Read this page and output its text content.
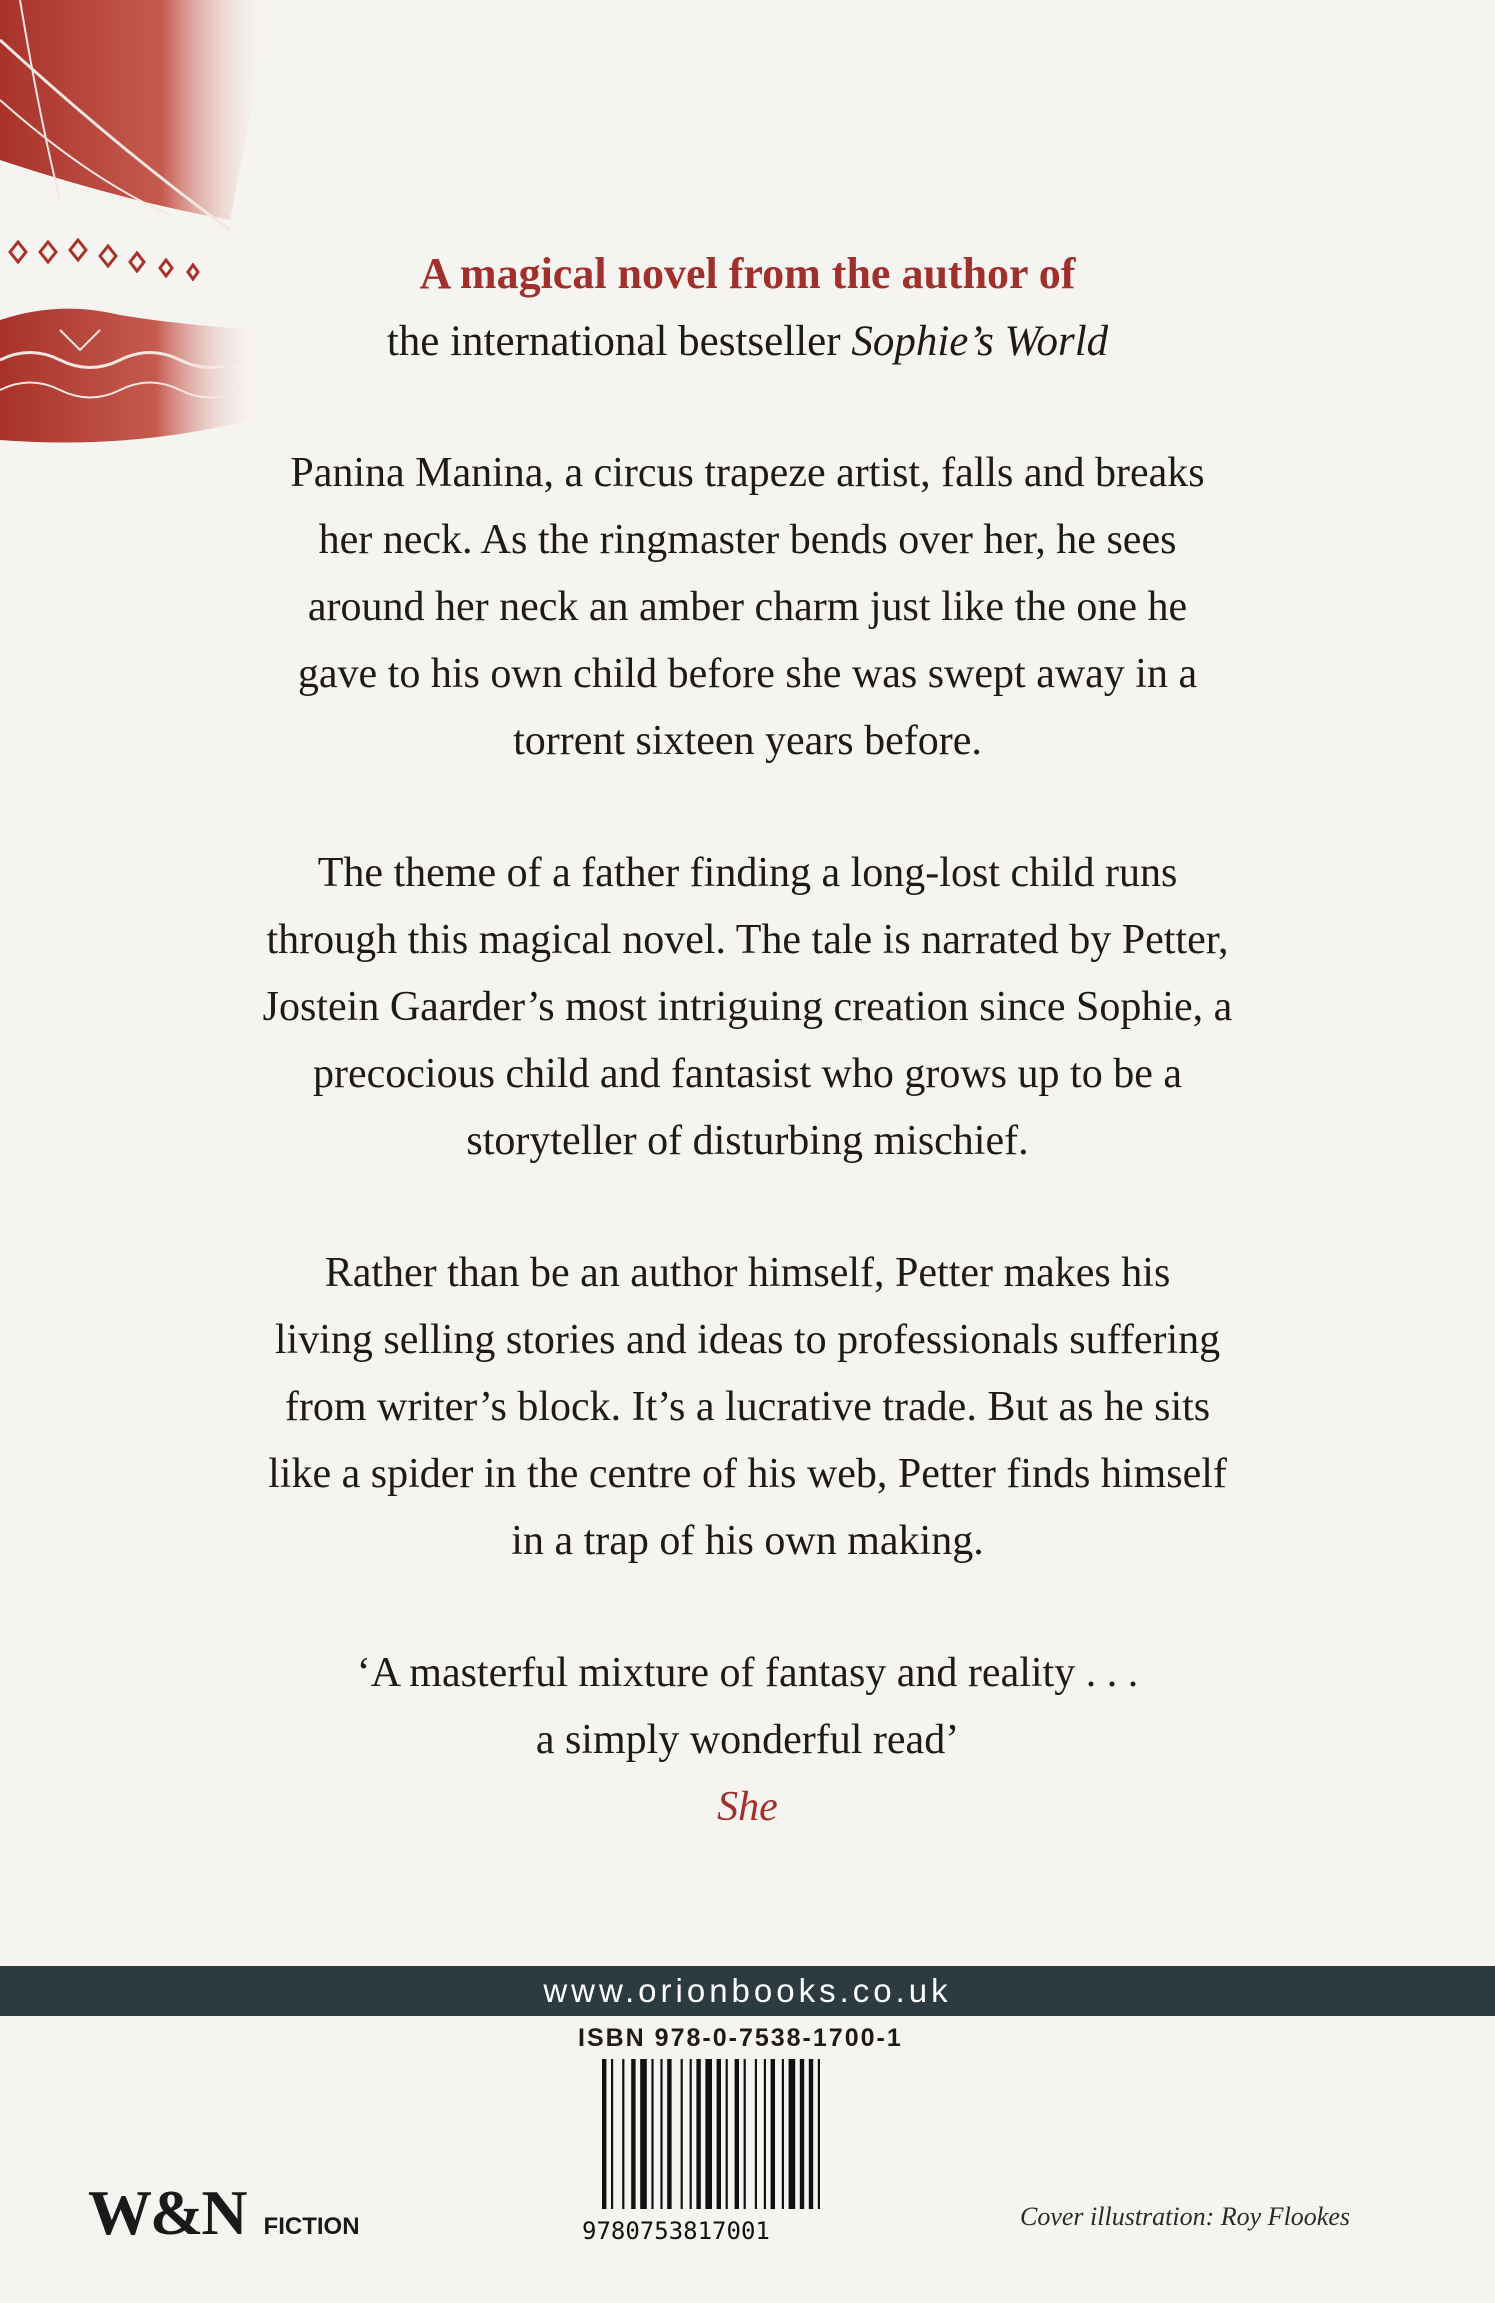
A magical novel from the author of
the international bestseller Sophie’s World
Panina Manina, a circus trapeze artist, falls and breaks
her neck. As the ringmaster bends over her, he sees
around her neck an amber charm just like the one he
gave to his own child before she was swept away in a
torrent sixteen years before.
The theme of a father finding a long-lost child runs
through this magical novel. The tale is narrated by Petter,
Jostein Gaarder’s most intriguing creation since Sophie, a
precocious child and fantasist who grows up to be a
storyteller of disturbing mischief.
Rather than be an author himself, Petter makes his
living selling stories and ideas to professionals suffering
from writer’s block. It’s a lucrative trade. But as he sits
like a spider in the centre of his web, Petter finds himself
in a trap of his own making.
‘A masterful mixture of fantasy and reality . . .
a simply wonderful read’
She
www.orionbooks.co.uk
ISBN 978-0-7538-1700-1
9780753817001
W&N FICTION	Cover illustration: Roy Flookes
